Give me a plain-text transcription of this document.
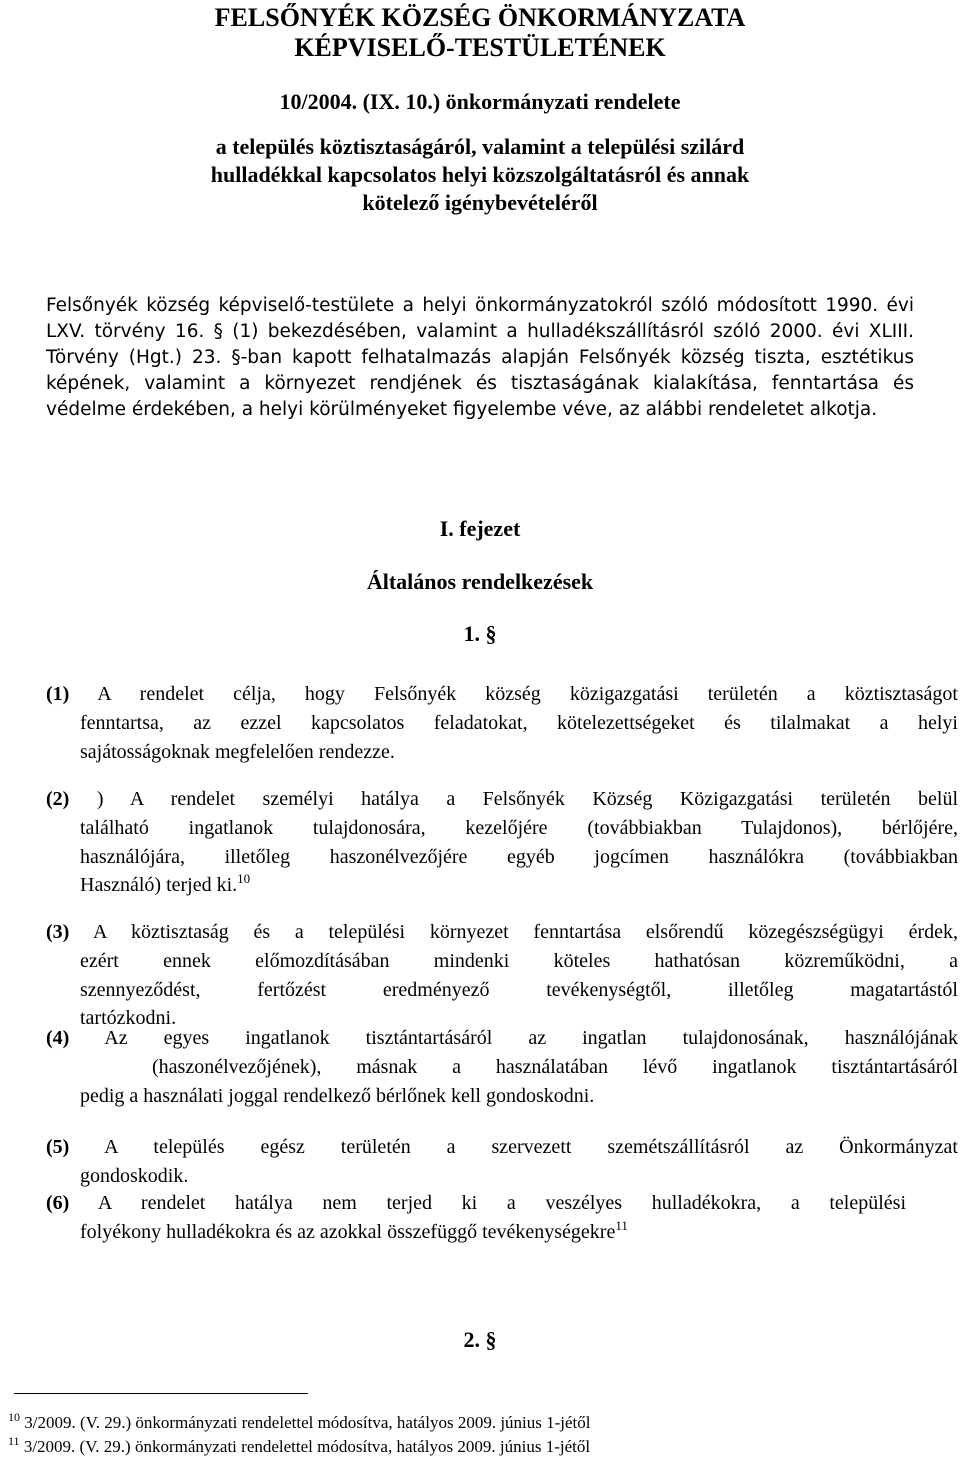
FELSŐNYÉK KÖZSÉG ÖNKORMÁNYZATA
KÉPVISELŐ-TESTÜLETÉNEK
10/2004. (IX. 10.) önkormányzati rendelete
a település köztisztaságáról, valamint a települési szilárd
hulladékkal kapcsolatos helyi közszolgáltatásról és annak
kötelező igénybevételéről

Felsőnyék község képviselő-testülete a helyi önkormányzatokról szóló módosított 1990. évi LXV. törvény 16. § (1) bekezdésében, valamint a hulladékszállításról szóló 2000. évi XLIII. Törvény (Hgt.) 23. §-ban kapott felhatalmazás alapján Felsőnyék község tiszta, esztétikus képének, valamint a környezet rendjének és tisztaságának kialakítása, fenntartása és védelme érdekében, a helyi körülményeket figyelembe véve, az alábbi rendeletet alkotja.

I. fejezet
Általános rendelkezések
1. §
(1) A rendelet célja, hogy Felsőnyék község közigazgatási területén a köztisztaságot
fenntartsa, az ezzel kapcsolatos feladatokat, kötelezettségeket és tilalmakat a helyi
sajátosságoknak megfelelően rendezze.
(2) ) A rendelet személyi hatálya a Felsőnyék Község Közigazgatási területén belül
található ingatlanok tulajdonosára, kezelőjére (továbbiakban Tulajdonos), bérlőjére,
használójára, illetőleg haszonélvezőjére egyéb jogcímen használókra (továbbiakban
Használó) terjed ki.$^{10}$
(3) A köztisztaság és a települési környezet fenntartása elsőrendű közegészségügyi érdek,
ezért ennek előmozdításában mindenki köteles hathatósan közreműködni, a
szennyeződést, fertőzést eredményező tevékenységtől, illetőleg magatartástól
tartózkodni.
(4) Az egyes ingatlanok tisztántartásáról az ingatlan tulajdonosának, használójának
(haszonélvezőjének), másnak a használatában lévő ingatlanok tisztántartásáról
pedig a használati joggal rendelkező bérlőnek kell gondoskodni.
(5) A település egész területén a szervezett szemétszállításról az Önkormányzat
gondoskodik.
(6) A rendelet hatálya nem terjed ki a veszélyes hulladékokra, a települési
folyékony hulladékokra és az azokkal összefüggő tevékenységekre$^{11}$
2. §
$^{10}$ 3/2009. (V. 29.) önkormányzati rendelettel módosítva, hatályos 2009. június 1-jétől
$^{11}$ 3/2009. (V. 29.) önkormányzati rendelettel módosítva, hatályos 2009. június 1-jétől
